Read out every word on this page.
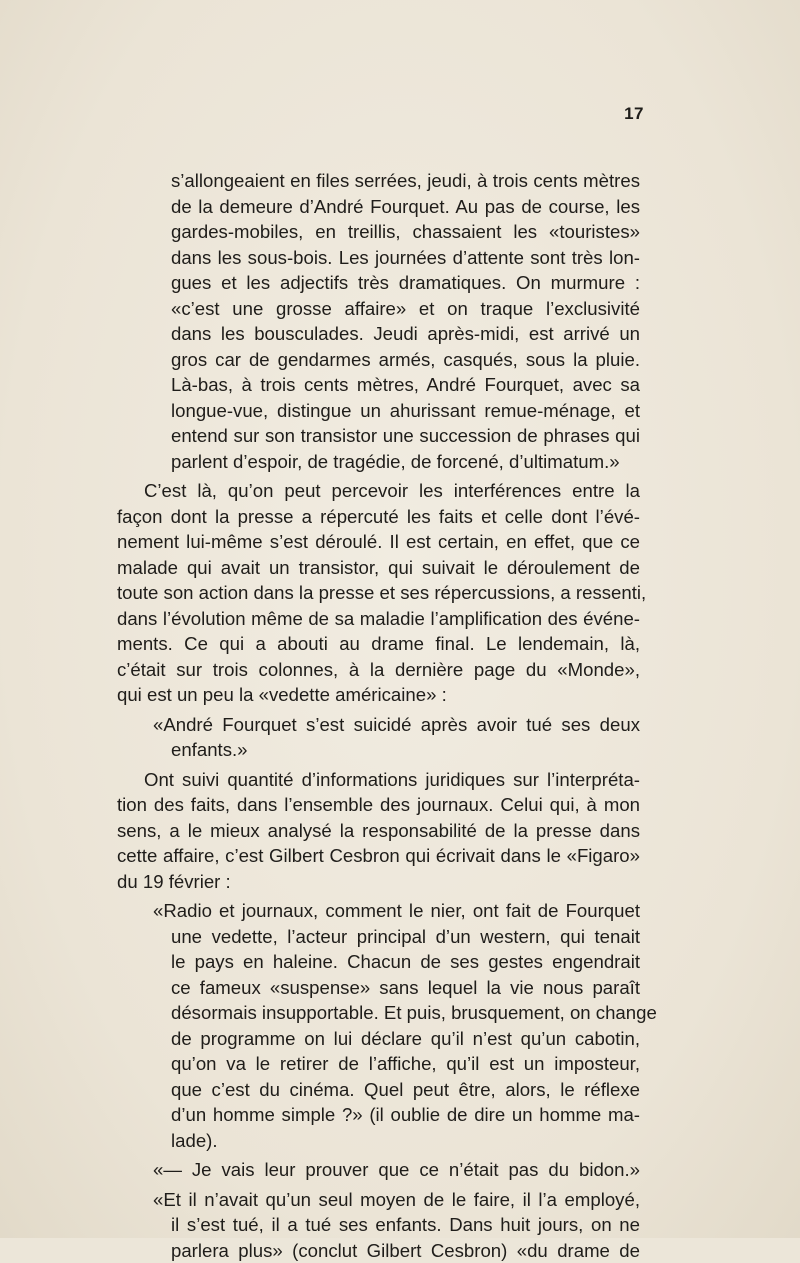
17
s’allongeaient en files serrées, jeudi, à trois cents mètres
de la demeure d’André Fourquet. Au pas de course, les
gardes-mobiles, en treillis, chassaient les «touristes»
dans les sous-bois. Les journées d’attente sont très lon-
gues et les adjectifs très dramatiques. On murmure :
«c’est une grosse affaire» et on traque l’exclusivité
dans les bousculades. Jeudi après-midi, est arrivé un
gros car de gendarmes armés, casqués, sous la pluie.
Là-bas, à trois cents mètres, André Fourquet, avec sa
longue-vue, distingue un ahurissant remue-ménage, et
entend sur son transistor une succession de phrases qui
parlent d’espoir, de tragédie, de forcené, d’ultimatum.»
C’est là, qu’on peut percevoir les interférences entre la
façon dont la presse a répercuté les faits et celle dont l’évé-
nement lui-même s’est déroulé. Il est certain, en effet, que ce
malade qui avait un transistor, qui suivait le déroulement de
toute son action dans la presse et ses répercussions, a ressenti,
dans l’évolution même de sa maladie l’amplification des événe-
ments. Ce qui a abouti au drame final. Le lendemain, là,
c’était sur trois colonnes, à la dernière page du «Monde»,
qui est un peu la «vedette américaine» :
«André Fourquet s’est suicidé après avoir tué ses deux
enfants.»
Ont suivi quantité d’informations juridiques sur l’interpréta-
tion des faits, dans l’ensemble des journaux. Celui qui, à mon
sens, a le mieux analysé la responsabilité de la presse dans
cette affaire, c’est Gilbert Cesbron qui écrivait dans le «Figaro»
du 19 février :
«Radio et journaux, comment le nier, ont fait de Fourquet
une vedette, l’acteur principal d’un western, qui tenait
le pays en haleine. Chacun de ses gestes engendrait
ce fameux «suspense» sans lequel la vie nous paraît
désormais insupportable. Et puis, brusquement, on change
de programme on lui déclare qu’il n’est qu’un cabotin,
qu’on va le retirer de l’affiche, qu’il est un imposteur,
que c’est du cinéma. Quel peut être, alors, le réflexe
d’un homme simple ?» (il oublie de dire un homme ma-
lade).
«— Je vais leur prouver que ce n’était pas du bidon.»
«Et il n’avait qu’un seul moyen de le faire, il l’a employé,
il s’est tué, il a tué ses enfants. Dans huit jours, on ne
parlera plus» (conclut Gilbert Cesbron) «du drame de
